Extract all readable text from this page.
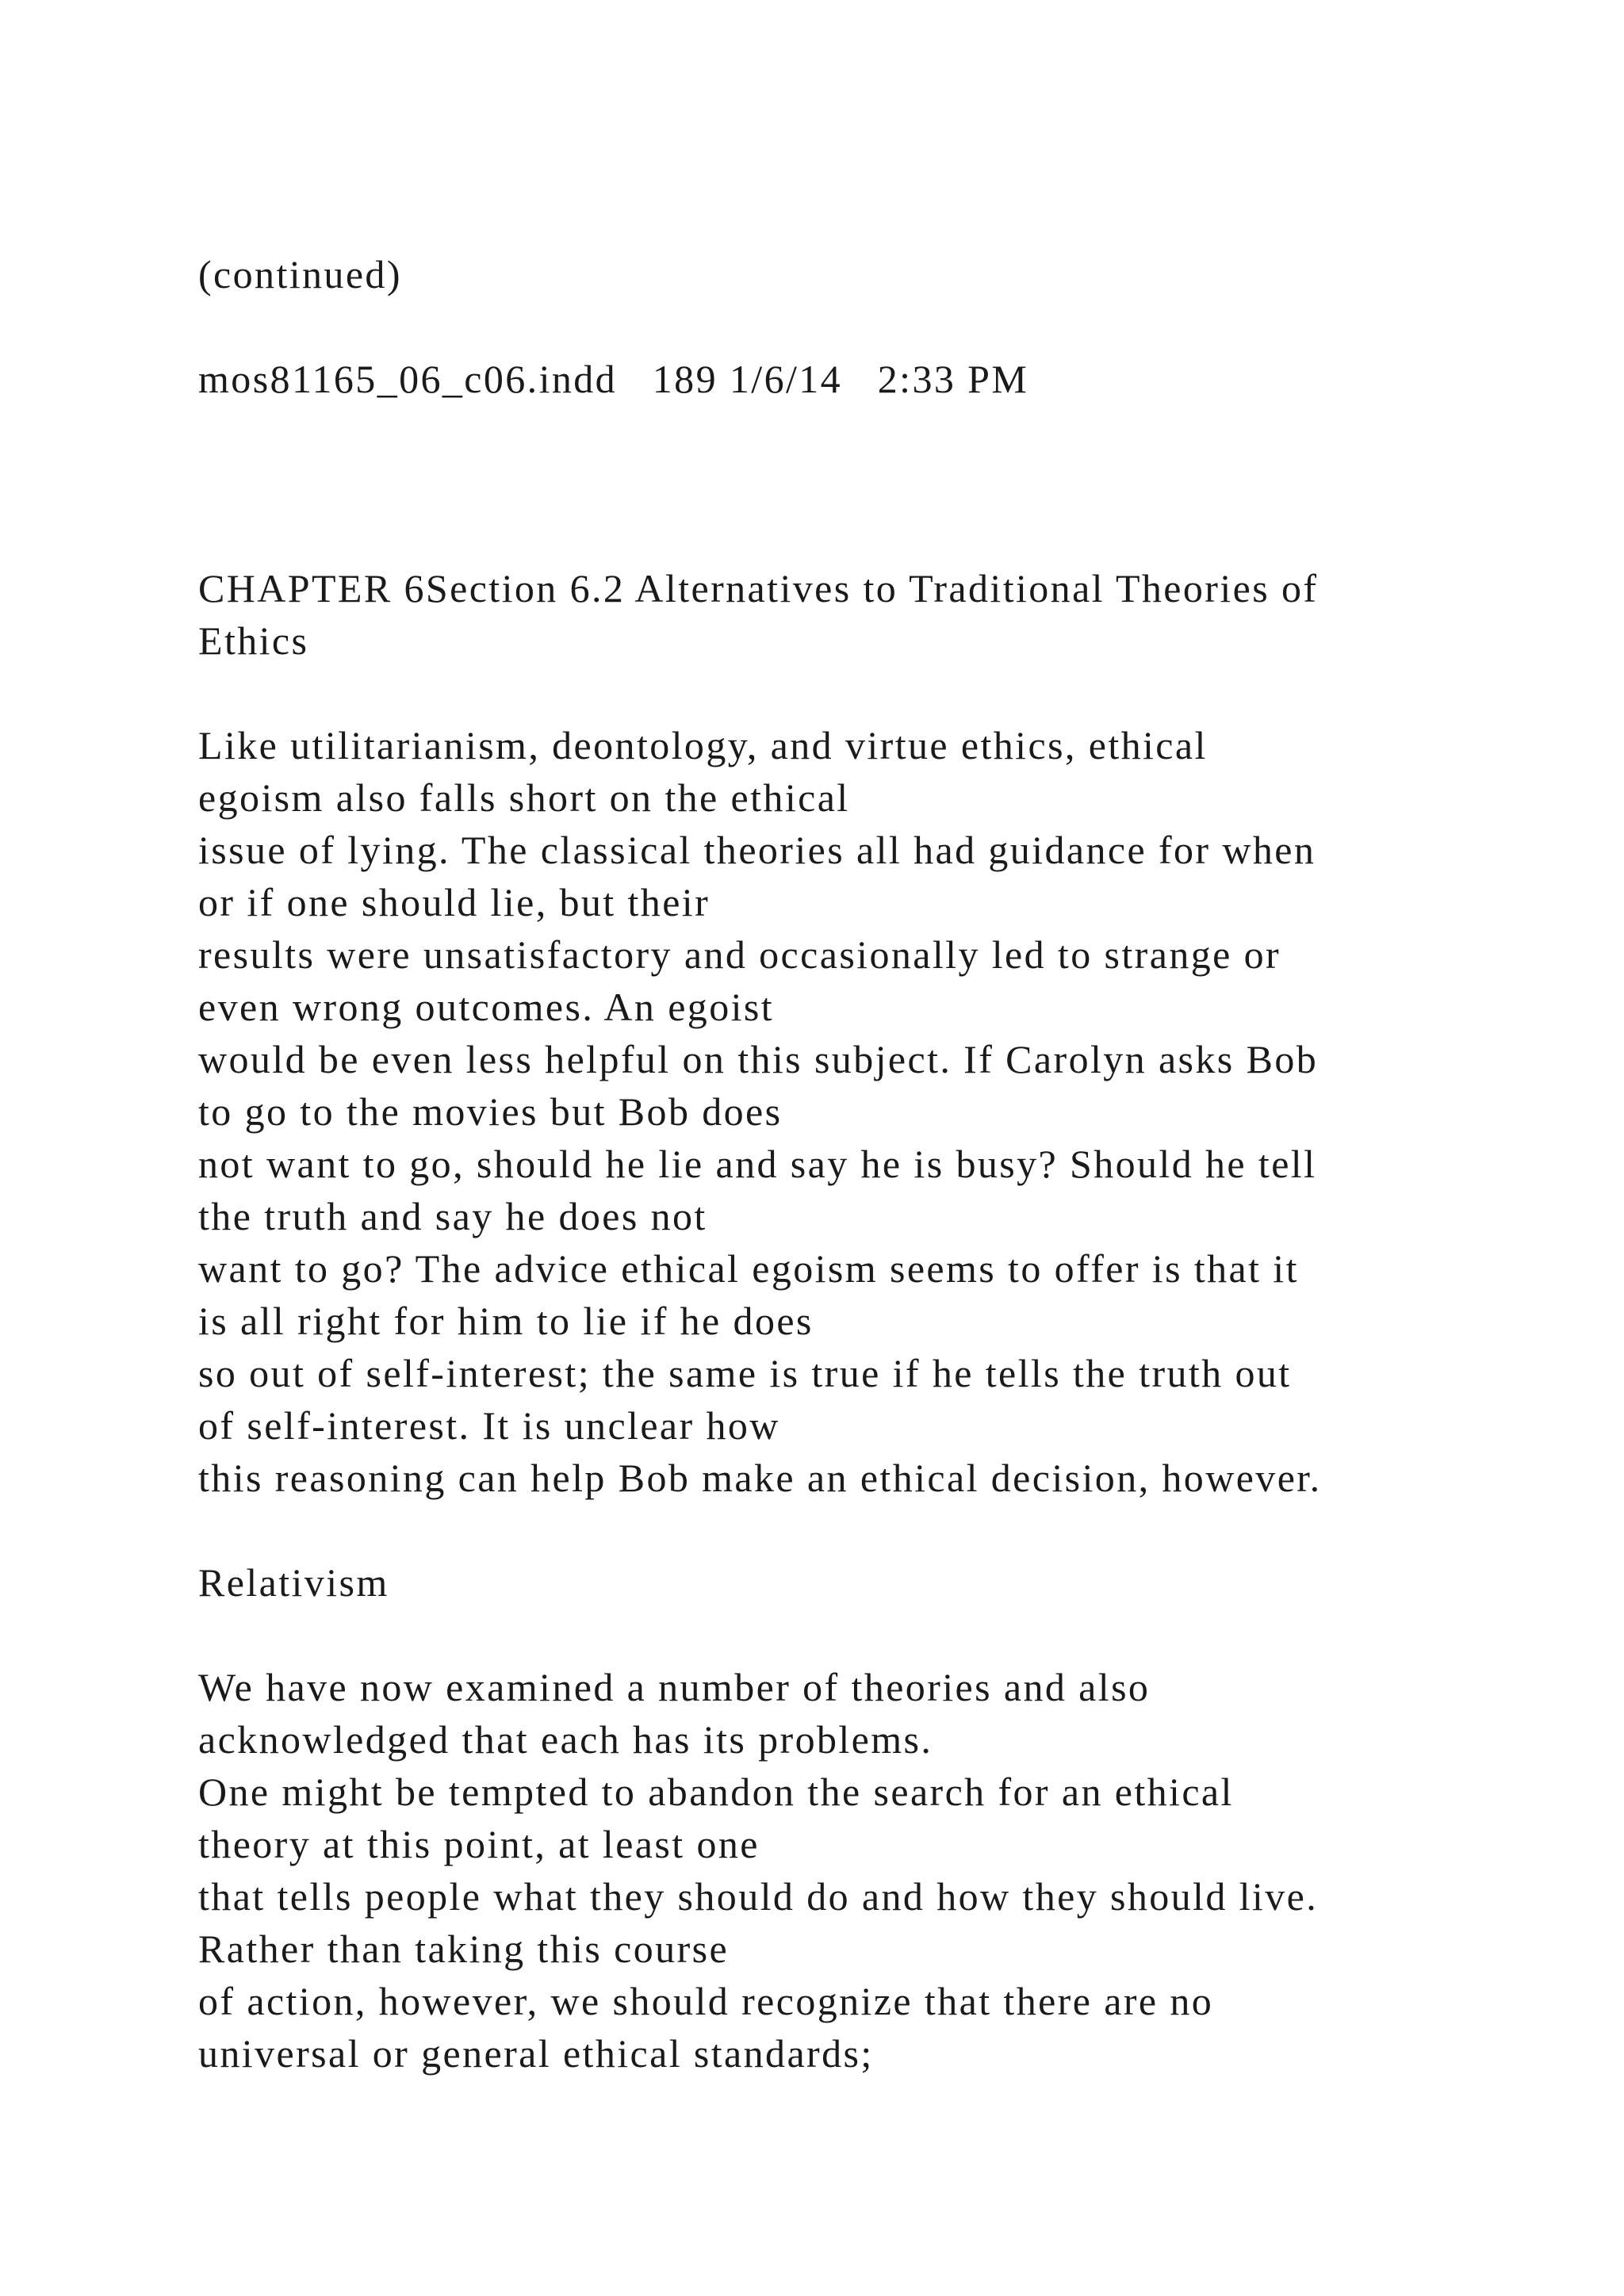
(continued)
mos81165_06_c06.indd   189 1/6/14   2:33 PM
CHAPTER 6Section 6.2 Alternatives to Traditional Theories of
Ethics
Like utilitarianism, deontology, and virtue ethics, ethical
egoism also falls short on the ethical
issue of lying. The classical theories all had guidance for when
or if one should lie, but their
results were unsatisfactory and occasionally led to strange or
even wrong outcomes. An egoist
would be even less helpful on this subject. If Carolyn asks Bob
to go to the movies but Bob does
not want to go, should he lie and say he is busy? Should he tell
the truth and say he does not
want to go? The advice ethical egoism seems to offer is that it
is all right for him to lie if he does
so out of self-interest; the same is true if he tells the truth out
of self-interest. It is unclear how
this reasoning can help Bob make an ethical decision, however.
Relativism
We have now examined a number of theories and also
acknowledged that each has its problems.
One might be tempted to abandon the search for an ethical
theory at this point, at least one
that tells people what they should do and how they should live.
Rather than taking this course
of action, however, we should recognize that there are no
universal or general ethical standards;
